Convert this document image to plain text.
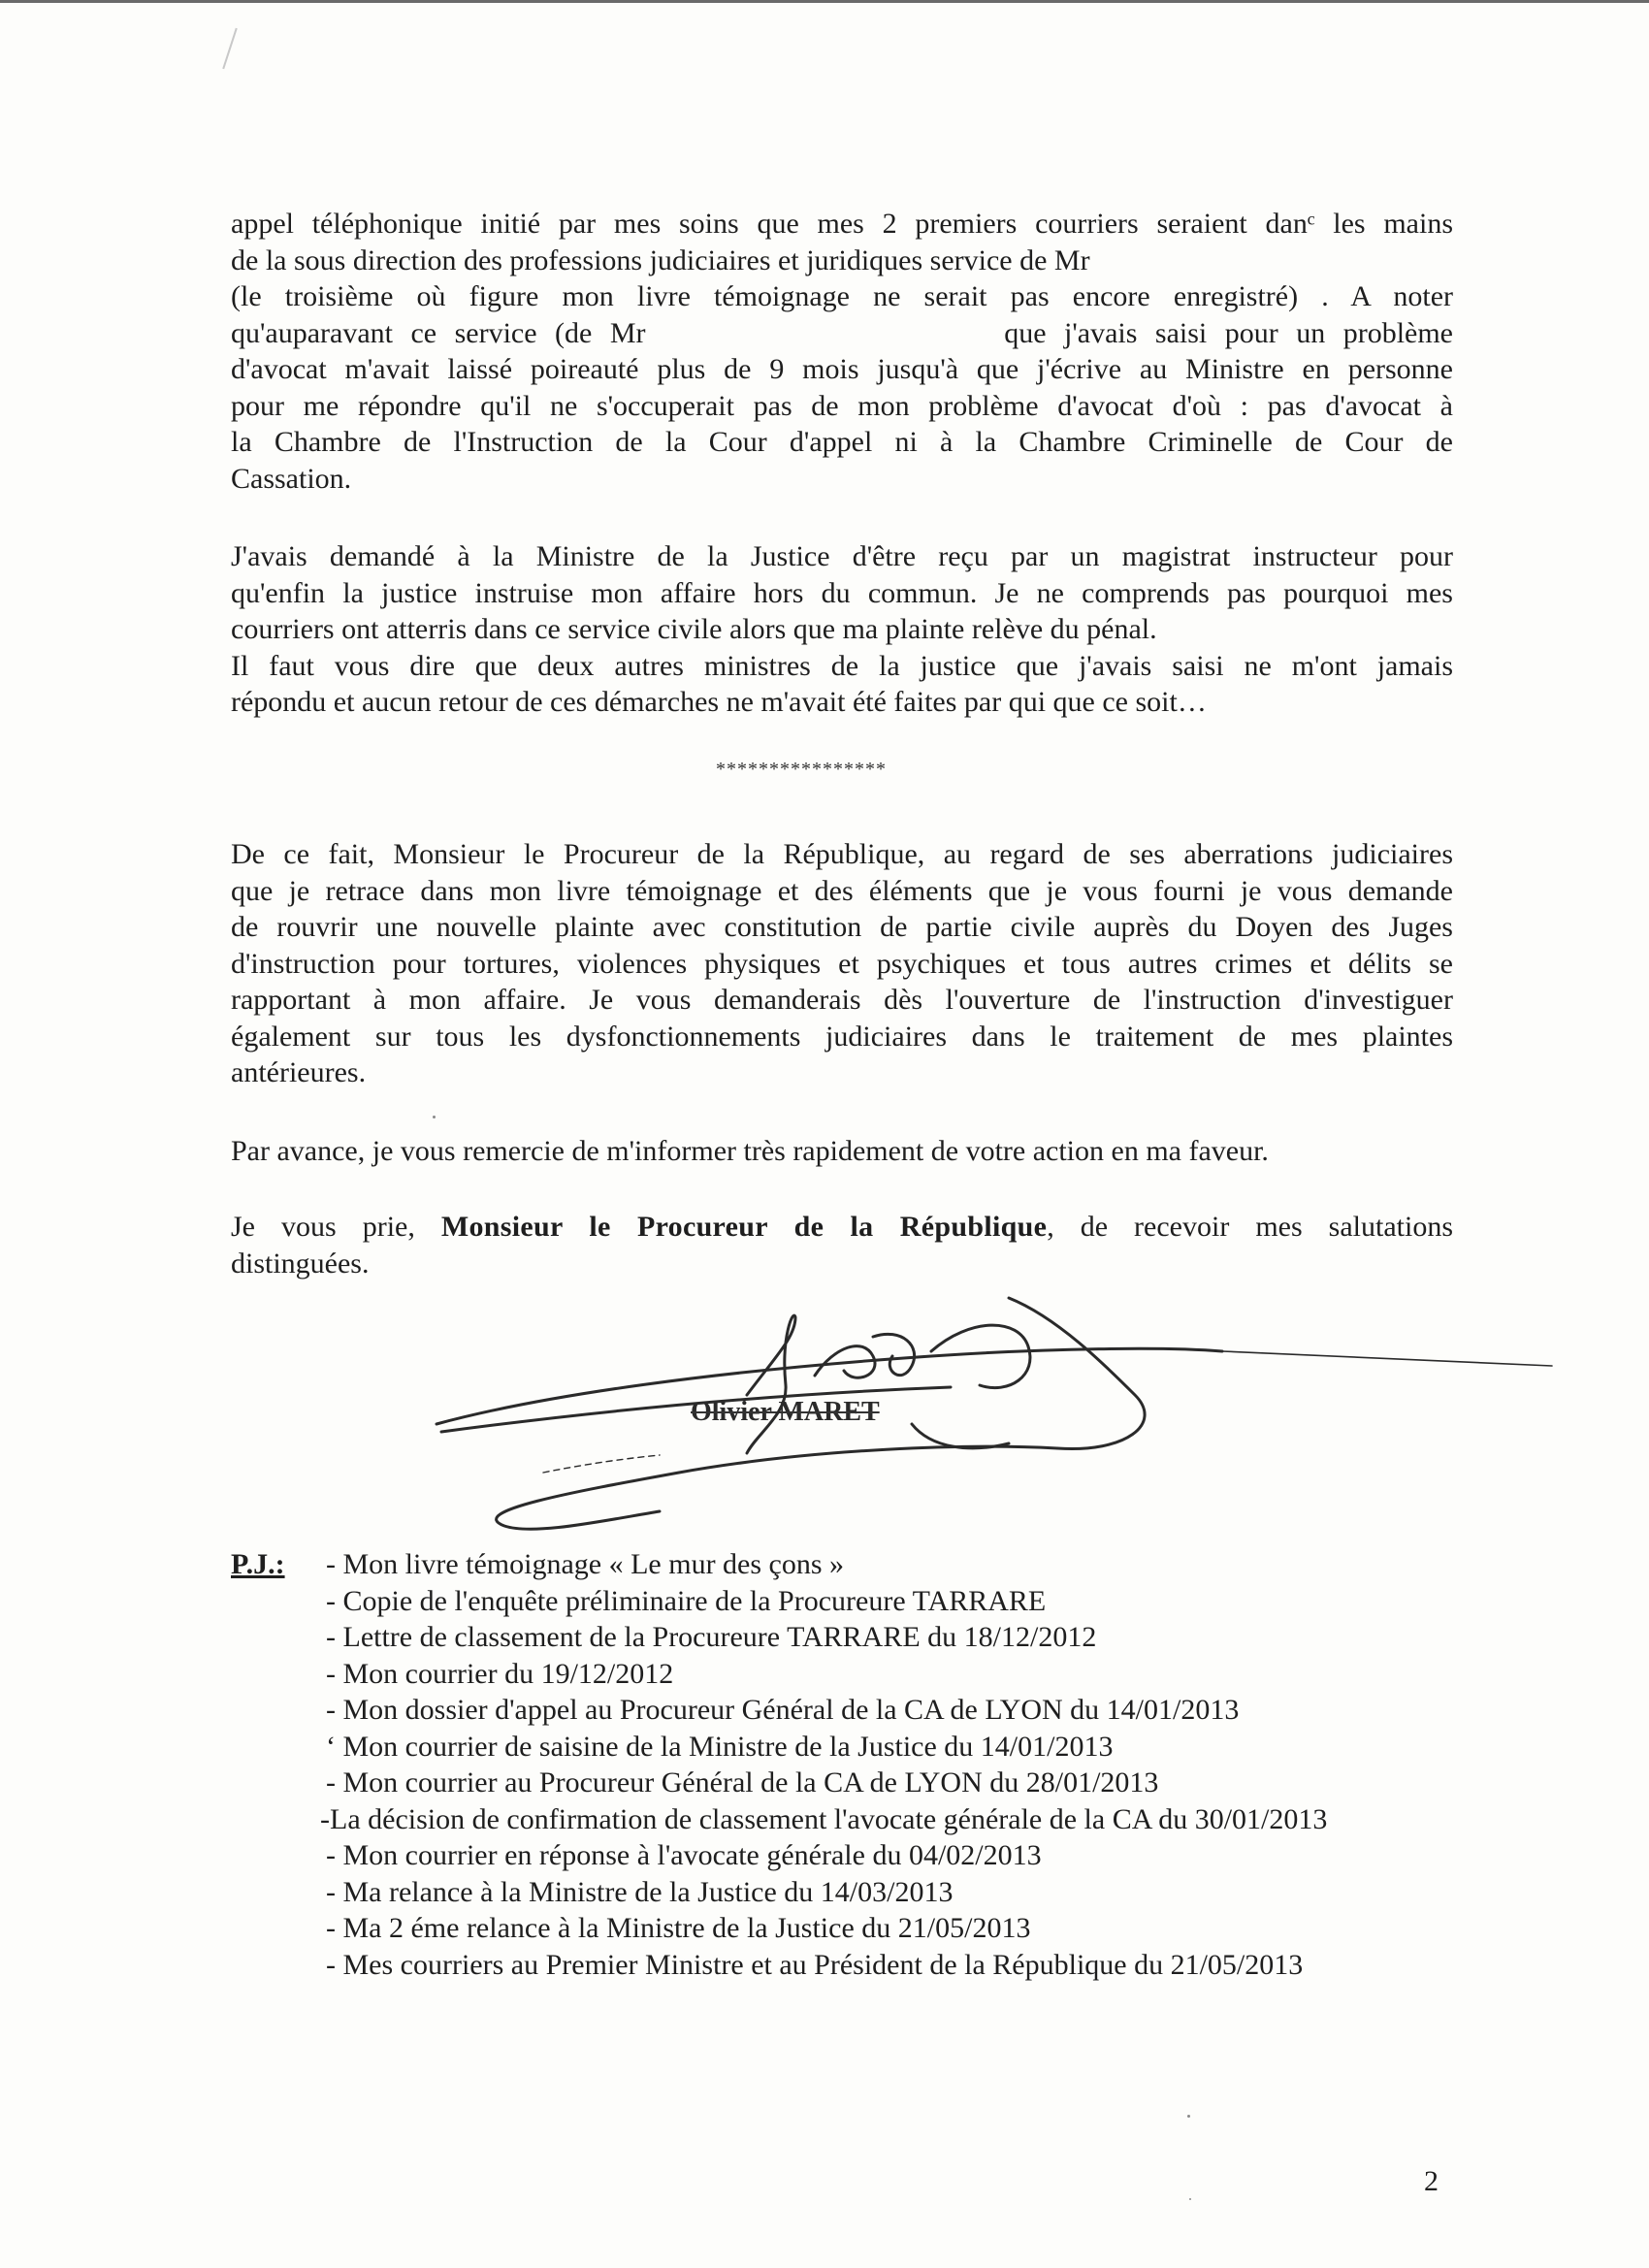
appel téléphonique initié par mes soins que mes 2 premiers courriers seraient danᶜ les mains
de la sous direction des professions judiciaires et juridiques service de Mr
(le troisième où figure mon livre témoignage ne serait pas encore enregistré) . A noter
qu'auparavant ce service (de Mr                    que j'avais saisi pour un problème
d'avocat m'avait laissé poireauté plus de 9 mois jusqu'à que j'écrive au Ministre en personne
pour me répondre qu'il ne s'occuperait pas de mon problème d'avocat d'où : pas d'avocat à
la Chambre de l'Instruction de la Cour d'appel ni à la Chambre Criminelle de Cour de
Cassation.

J'avais demandé à la Ministre de la Justice d'être reçu par un magistrat instructeur pour
qu'enfin la justice instruise mon affaire hors du commun. Je ne comprends pas pourquoi mes
courriers ont atterris dans ce service civile alors que ma plainte relève du pénal.
Il faut vous dire que deux autres ministres de la justice que j'avais saisi ne m'ont jamais
répondu et aucun retour de ces démarches ne m'avait été faites par qui que ce soit…

****************

De ce fait, Monsieur le Procureur de la République, au regard de ses aberrations judiciaires
que je retrace dans mon livre témoignage et des éléments que je vous fourni je vous demande
de rouvrir une nouvelle plainte avec constitution de partie civile auprès du Doyen des Juges
d'instruction pour tortures, violences physiques et psychiques et tous autres crimes et délits se
rapportant à mon affaire. Je vous demanderais dès l'ouverture de l'instruction d'investiguer
également sur tous les dysfonctionnements judiciaires dans le traitement de mes plaintes
antérieures.

Par avance, je vous remercie de m'informer très rapidement de votre action en ma faveur.

Je vous prie, Monsieur le Procureur de la République, de recevoir mes salutations
distinguées.

Olivier MARET
P.J.: - Mon livre témoignage « Le mur des çons »
- Copie de l'enquête préliminaire de la Procureure TARRARE
- Lettre de classement de la Procureure TARRARE du 18/12/2012
- Mon courrier du 19/12/2012
- Mon dossier d'appel au Procureur Général de la CA de LYON du 14/01/2013
‘ Mon courrier de saisine de la Ministre de la Justice du 14/01/2013
- Mon courrier au Procureur Général de la CA de LYON du 28/01/2013
-La décision de confirmation de classement l'avocate générale de la CA du 30/01/2013
- Mon courrier en réponse à l'avocate générale du 04/02/2013
- Ma relance à la Ministre de la Justice du 14/03/2013
- Ma 2 éme relance à la Ministre de la Justice du 21/05/2013
- Mes courriers au Premier Ministre et au Président de la République du 21/05/2013
2
